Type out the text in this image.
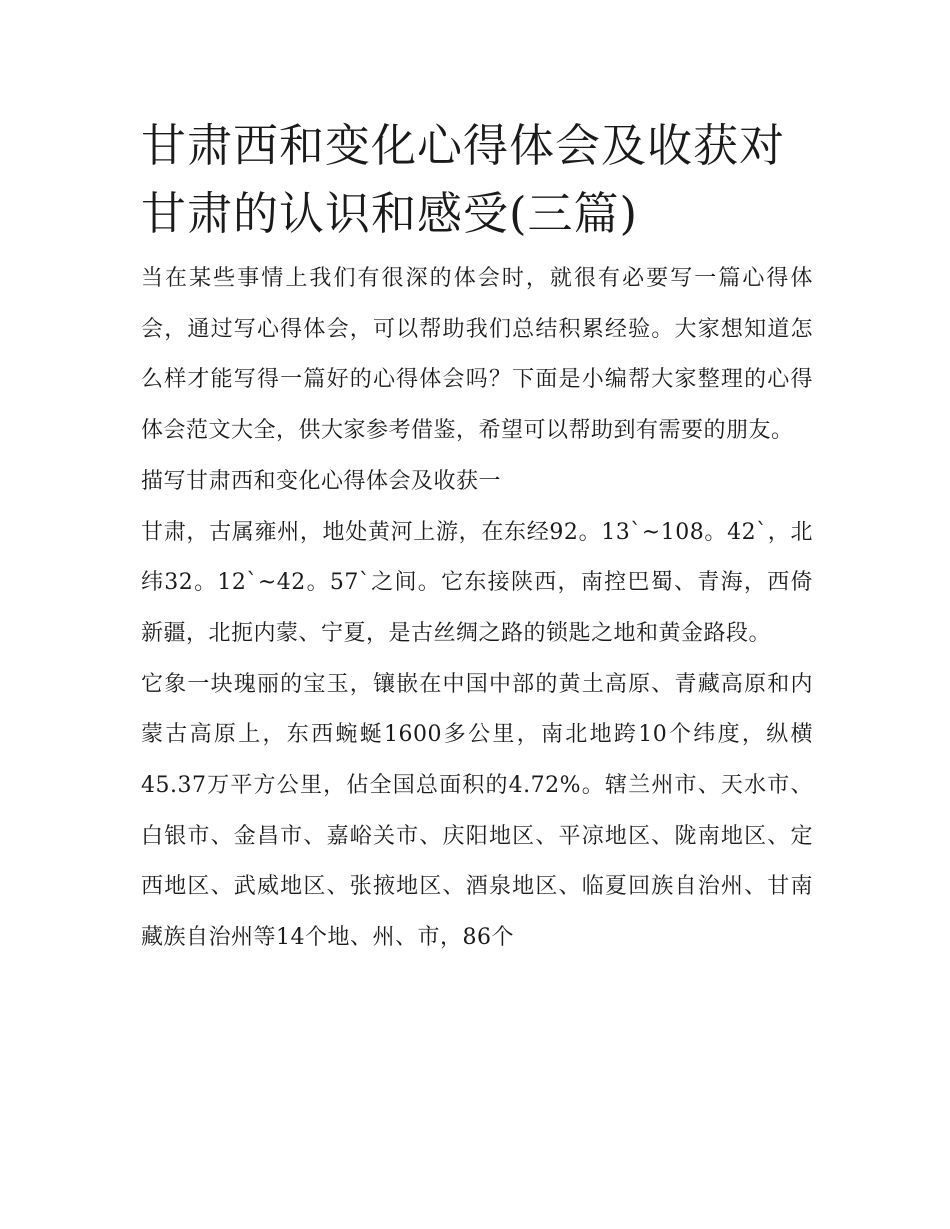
甘肃西和变化心得体会及收获对甘肃的认识和感受(三篇)

当在某些事情上我们有很深的体会时，就很有必要写一篇心得体会，通过写心得体会，可以帮助我们总结积累经验。大家想知道怎么样才能写得一篇好的心得体会吗？下面是小编帮大家整理的心得体会范文大全，供大家参考借鉴，希望可以帮助到有需要的朋友。

描写甘肃西和变化心得体会及收获一

甘肃，古属雍州，地处黄河上游，在东经92。13`~108。42`，北纬32。12`~42。57`之间。它东接陕西，南控巴蜀、青海，西倚新疆，北扼内蒙、宁夏，是古丝绸之路的锁匙之地和黄金路段。

它象一块瑰丽的宝玉，镶嵌在中国中部的黄土高原、青藏高原和内蒙古高原上，东西蜿蜒1600多公里，南北地跨10个纬度，纵横45.37万平方公里，佔全国总面积的4.72%。辖兰州市、天水市、白银市、金昌市、嘉峪关市、庆阳地区、平凉地区、陇南地区、定西地区、武威地区、张掖地区、酒泉地区、临夏回族自治州、甘南藏族自治州等14个地、州、市，86个
